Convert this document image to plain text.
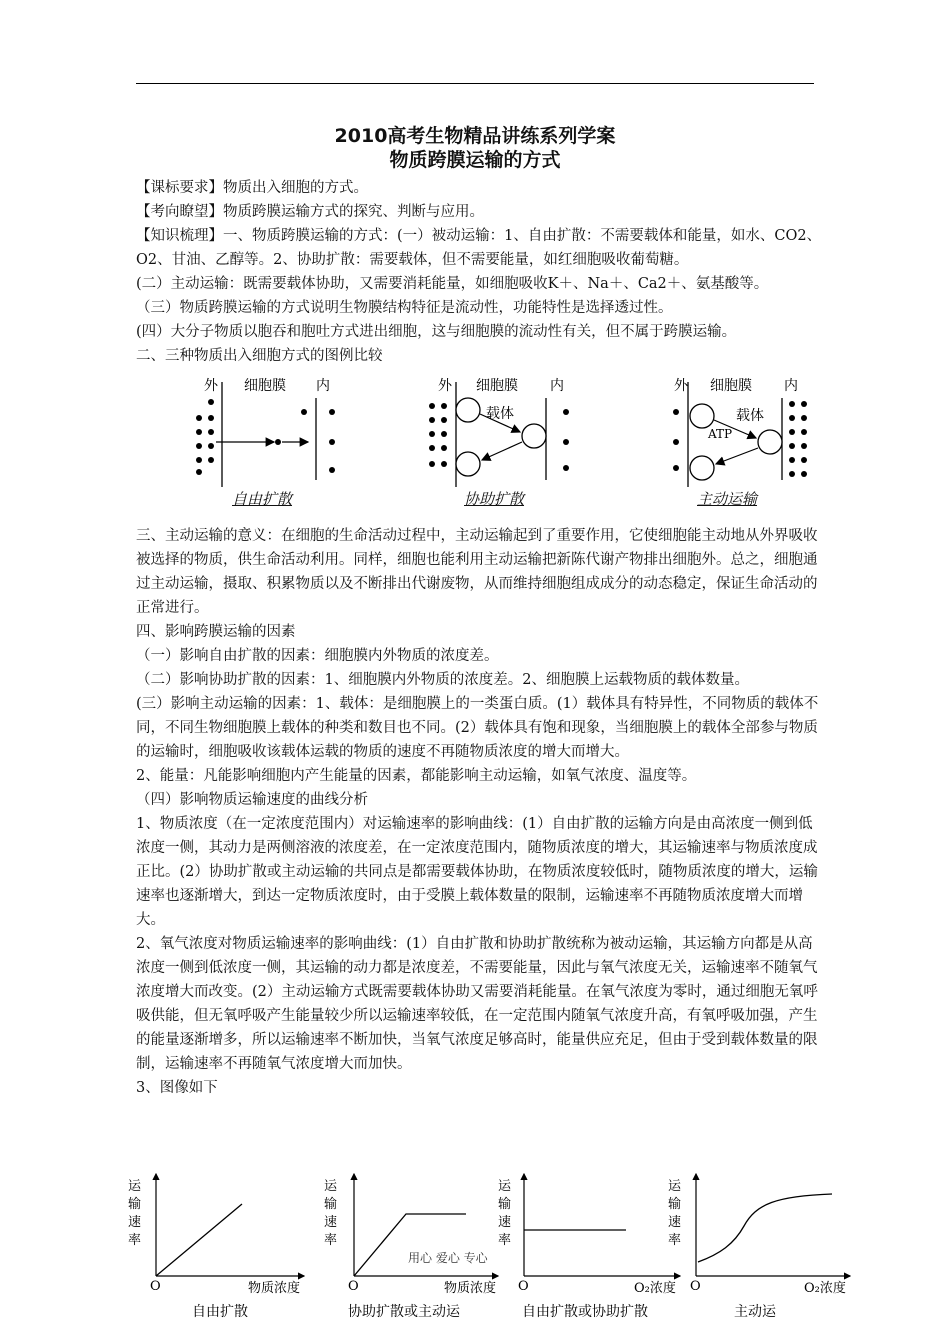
2010高考生物精品讲练系列学案
物质跨膜运输的方式

【课标要求】物质出入细胞的方式。

【考向瞭望】物质跨膜运输方式的探究、判断与应用。

【知识梳理】一、物质跨膜运输的方式：(一）被动运输：1、自由扩散：不需要载体和能量，如水、CO2、O2、甘油、乙醇等。2、协助扩散：需要载体，但不需要能量，如红细胞吸收葡萄糖。

(二）主动运输：既需要载体协助，又需要消耗能量，如细胞吸收K＋、Na＋、Ca2＋、氨基酸等。

（三）物质跨膜运输的方式说明生物膜结构特征是流动性，功能特性是选择透过性。

(四）大分子物质以胞吞和胞吐方式进出细胞，这与细胞膜的流动性有关，但不属于跨膜运输。

二、三种物质出入细胞方式的图例比较

外 细胞膜 内	外 细胞膜 内
载体
外 细胞膜 内
载体
ATP
自由扩散	协助扩散	主动运输

三、主动运输的意义：在细胞的生命活动过程中，主动运输起到了重要作用，它使细胞能主动地从外界吸收被选择的物质，供生命活动利用。同样，细胞也能利用主动运输把新陈代谢产物排出细胞外。总之，细胞通过主动运输，摄取、积累物质以及不断排出代谢废物，从而维持细胞组成成分的动态稳定，保证生命活动的正常进行。

四、影响跨膜运输的因素

（一）影响自由扩散的因素：细胞膜内外物质的浓度差。

（二）影响协助扩散的因素：1、细胞膜内外物质的浓度差。2、细胞膜上运载物质的载体数量。

(三）影响主动运输的因素：1、载体：是细胞膜上的一类蛋白质。(1）载体具有特异性，不同物质的载体不同，不同生物细胞膜上载体的种类和数目也不同。(2）载体具有饱和现象，当细胞膜上的载体全部参与物质的运输时，细胞吸收该载体运载的物质的速度不再随物质浓度的增大而增大。

2、能量：凡能影响细胞内产生能量的因素，都能影响主动运输，如氧气浓度、温度等。

（四）影响物质运输速度的曲线分析

1、物质浓度（在一定浓度范围内）对运输速率的影响曲线：(1）自由扩散的运输方向是由高浓度一侧到低浓度一侧，其动力是两侧溶液的浓度差，在一定浓度范围内，随物质浓度的增大，其运输速率与物质浓度成正比。(2）协助扩散或主动运输的共同点是都需要载体协助，在物质浓度较低时，随物质浓度的增大，运输速率也逐渐增大，到达一定物质浓度时，由于受膜上载体数量的限制，运输速率不再随物质浓度增大而增大。

2、氧气浓度对物质运输速率的影响曲线：(1）自由扩散和协助扩散统称为被动运输，其运输方向都是从高浓度一侧到低浓度一侧，其运输的动力都是浓度差，不需要能量，因此与氧气浓度无关，运输速率不随氧气浓度增大而改变。(2）主动运输方式既需要载体协助又需要消耗能量。在氧气浓度为零时，通过细胞无氧呼吸供能，但无氧呼吸产生能量较少所以运输速率较低，在一定范围内随氧气浓度升高，有氧呼吸加强，产生的能量逐渐增多，所以运输速率不断加快，当氧气浓度足够高时，能量供应充足，但由于受到载体数量的限制，运输速率不再随氧气浓度增大而加快。

3、图像如下

运
输
速
率
O	物质浓度
自由扩散
运
输
速
率
O
用心 爱心 专心
物质浓度
协助扩散或主动运
运
输
速
率
O	O₂浓度
自由扩散或协助扩散
运
输
速
率
O	O₂浓度
主动运
